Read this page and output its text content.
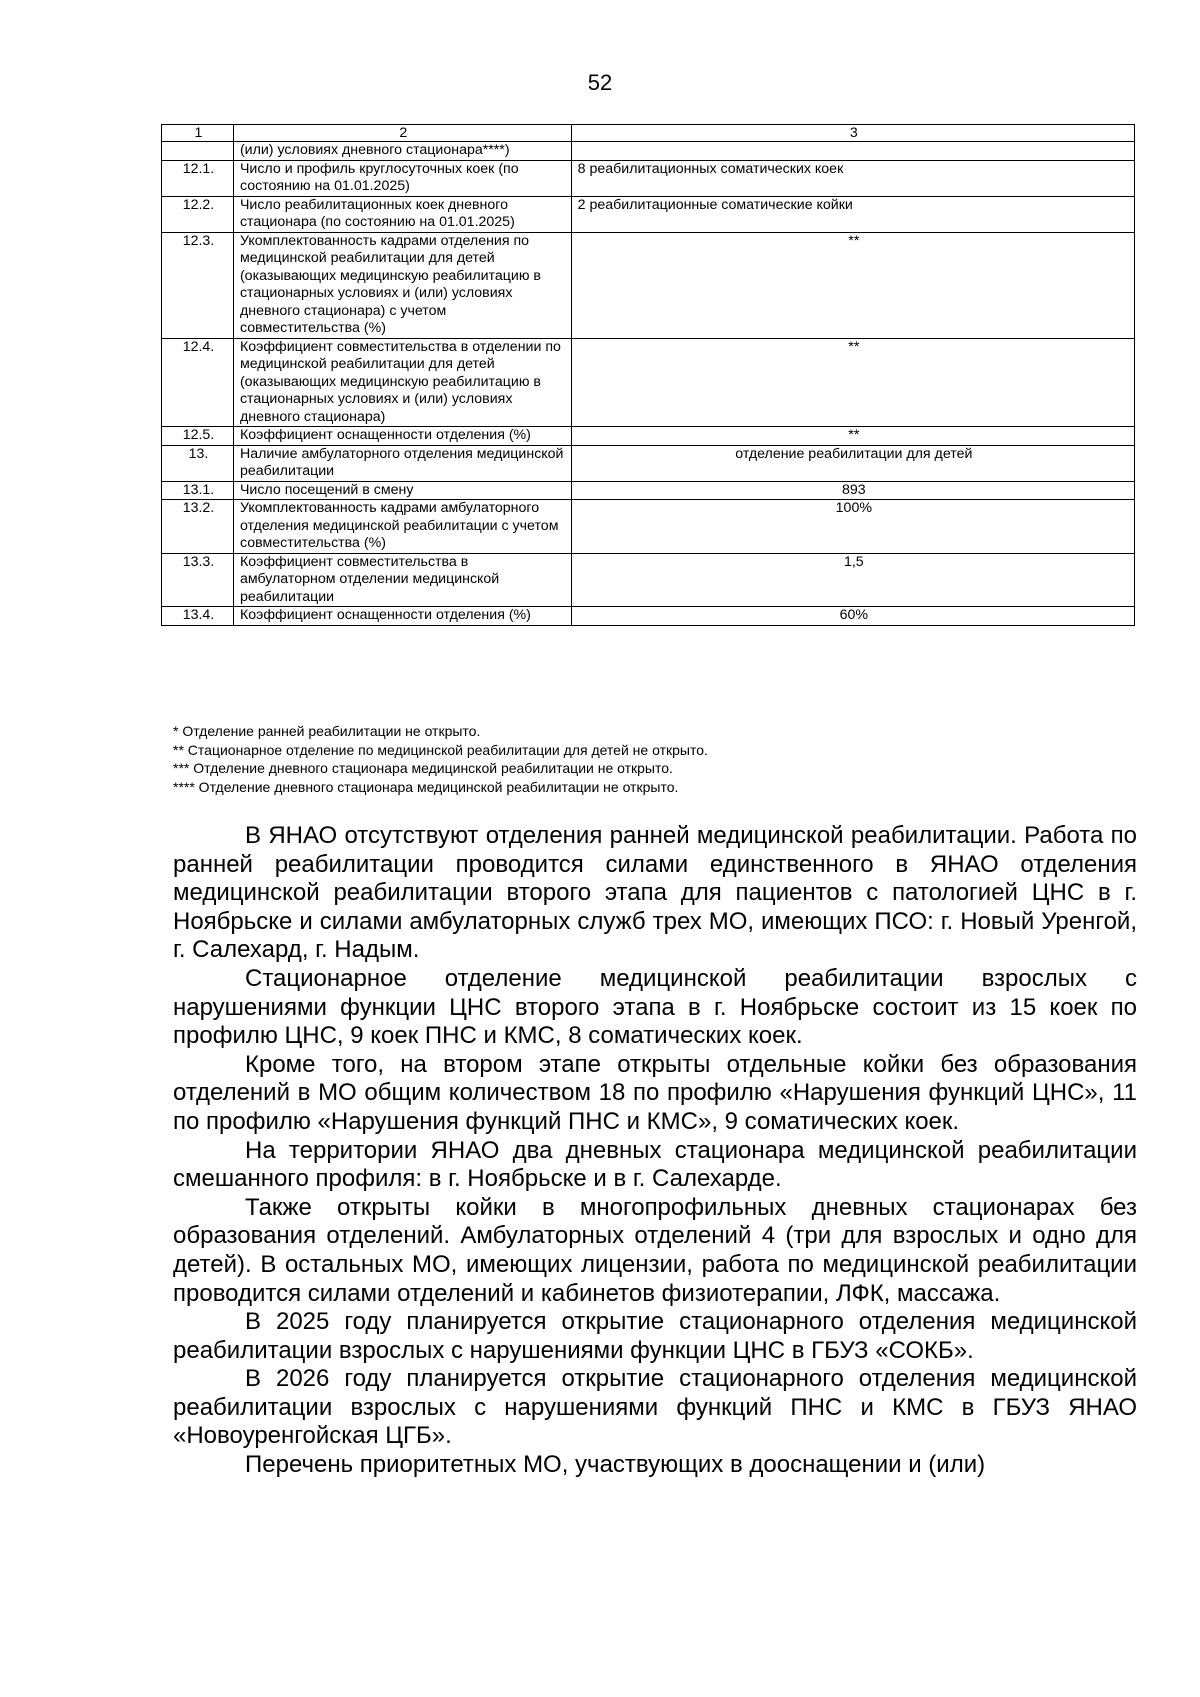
52
1	2	3
	(или) условиях дневного стационара****)	
12.1.	Число и профиль круглосуточных коек (по состоянию на 01.01.2025)	8 реабилитационных соматических коек
12.2.	Число реабилитационных коек дневного стационара (по состоянию на 01.01.2025)	2 реабилитационные соматические койки
12.3.	Укомплектованность кадрами отделения по медицинской реабилитации для детей (оказывающих медицинскую реабилитацию в стационарных условиях и (или) условиях дневного стационара) с учетом совместительства (%)	**
12.4.	Коэффициент совместительства в отделении по медицинской реабилитации для детей (оказывающих медицинскую реабилитацию в стационарных условиях и (или) условиях дневного стационара)	**
12.5.	Коэффициент оснащенности отделения (%)	**
13.	Наличие амбулаторного отделения медицинской реабилитации	отделение реабилитации для детей
13.1.	Число посещений в смену	893
13.2.	Укомплектованность кадрами амбулаторного отделения медицинской реабилитации с учетом совместительства (%)	100%
13.3.	Коэффициент совместительства в амбулаторном отделении медицинской реабилитации	1,5
13.4.	Коэффициент оснащенности отделения (%)	60%
* Отделение ранней реабилитации не открыто.
** Стационарное отделение по медицинской реабилитации для детей не открыто.
*** Отделение дневного стационара медицинской реабилитации не открыто.
**** Отделение дневного стационара медицинской реабилитации не открыто.

В ЯНАО отсутствуют отделения ранней медицинской реабилитации. Работа по ранней реабилитации проводится силами единственного в ЯНАО отделения медицинской реабилитации второго этапа для пациентов с патологией ЦНС в г. Ноябрьске и силами амбулаторных служб трех МО, имеющих ПСО: г. Новый Уренгой, г. Салехард, г. Надым.

Стационарное отделение медицинской реабилитации взрослых с нарушениями функции ЦНС второго этапа в г. Ноябрьске состоит из 15 коек по профилю ЦНС, 9 коек ПНС и КМС, 8 соматических коек.

Кроме того, на втором этапе открыты отдельные койки без образования отделений в МО общим количеством 18 по профилю «Нарушения функций ЦНС», 11 по профилю «Нарушения функций ПНС и КМС», 9 соматических коек.

На территории ЯНАО два дневных стационара медицинской реабилитации смешанного профиля: в г. Ноябрьске и в г. Салехарде.

Также открыты койки в многопрофильных дневных стационарах без образования отделений. Амбулаторных отделений 4 (три для взрослых и одно для детей). В остальных МО, имеющих лицензии, работа по медицинской реабилитации проводится силами отделений и кабинетов физиотерапии, ЛФК, массажа.

В 2025 году планируется открытие стационарного отделения медицинской реабилитации взрослых с нарушениями функции ЦНС в ГБУЗ «СОКБ».

В 2026 году планируется открытие стационарного отделения медицинской реабилитации взрослых с нарушениями функций ПНС и КМС в ГБУЗ ЯНАО «Новоуренгойская ЦГБ».

Перечень приоритетных МО, участвующих в дооснащении и (или)
